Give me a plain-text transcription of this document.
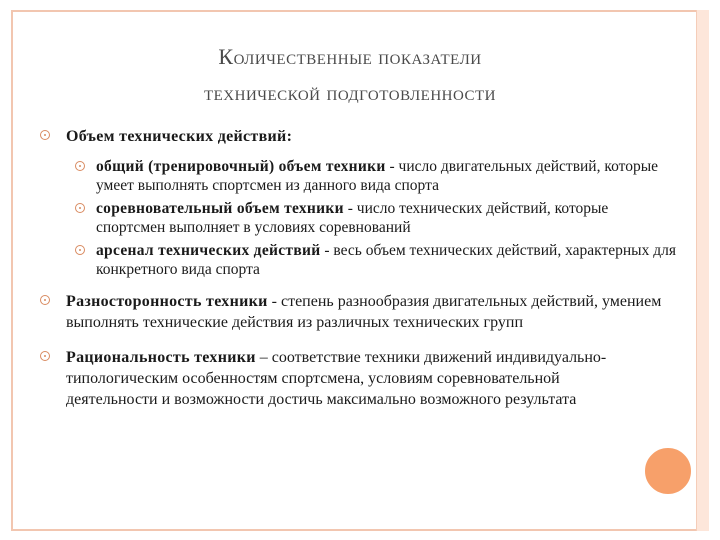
Количественные показатели
технической подготовленности
Объем технических действий:
общий (тренировочный) объем техники - число двигательных действий, которые умеет выполнять спортсмен из данного вида спорта
соревновательный объем техники - число технических действий, которые спортсмен выполняет в условиях соревнований
арсенал технических действий - весь объем технических действий, характерных для конкретного вида спорта
Разносторонность техники - степень разнообразия двигательных действий, умением выполнять технические действия из различных технических групп
Рациональность техники – соответствие техники движений индивидуально-типологическим особенностям спортсмена, условиям соревновательной деятельности и возможности достичь максимально возможного результата
